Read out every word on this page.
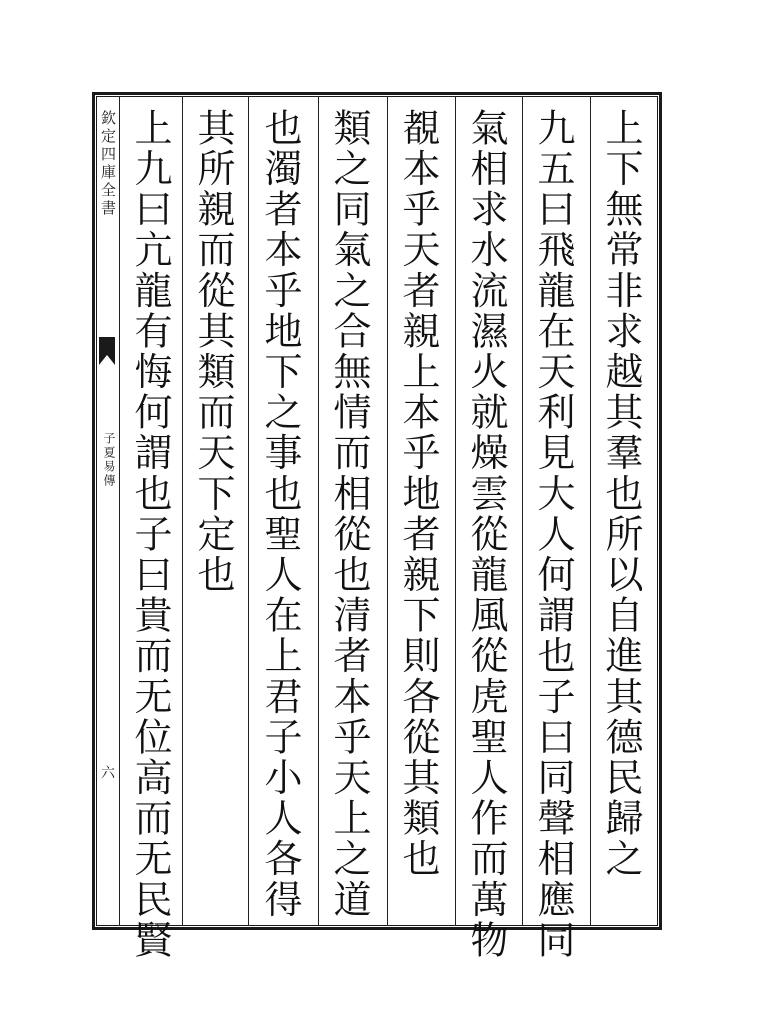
欽定四庫全書
子夏易傳
六	上下無常非求越其羣也所以自進其德民歸之
九五曰飛龍在天利見大人何謂也子曰同聲相應同
氣相求水流濕火就燥雲從龍風從虎聖人作而萬物
覩本乎天者親上本乎地者親下則各從其類也
類之同氣之合無情而相從也清者本乎天上之道
也濁者本乎地下之事也聖人在上君子小人各得
其所親而從其類而天下定也
上九曰亢龍有悔何謂也子曰貴而无位高而无民賢
